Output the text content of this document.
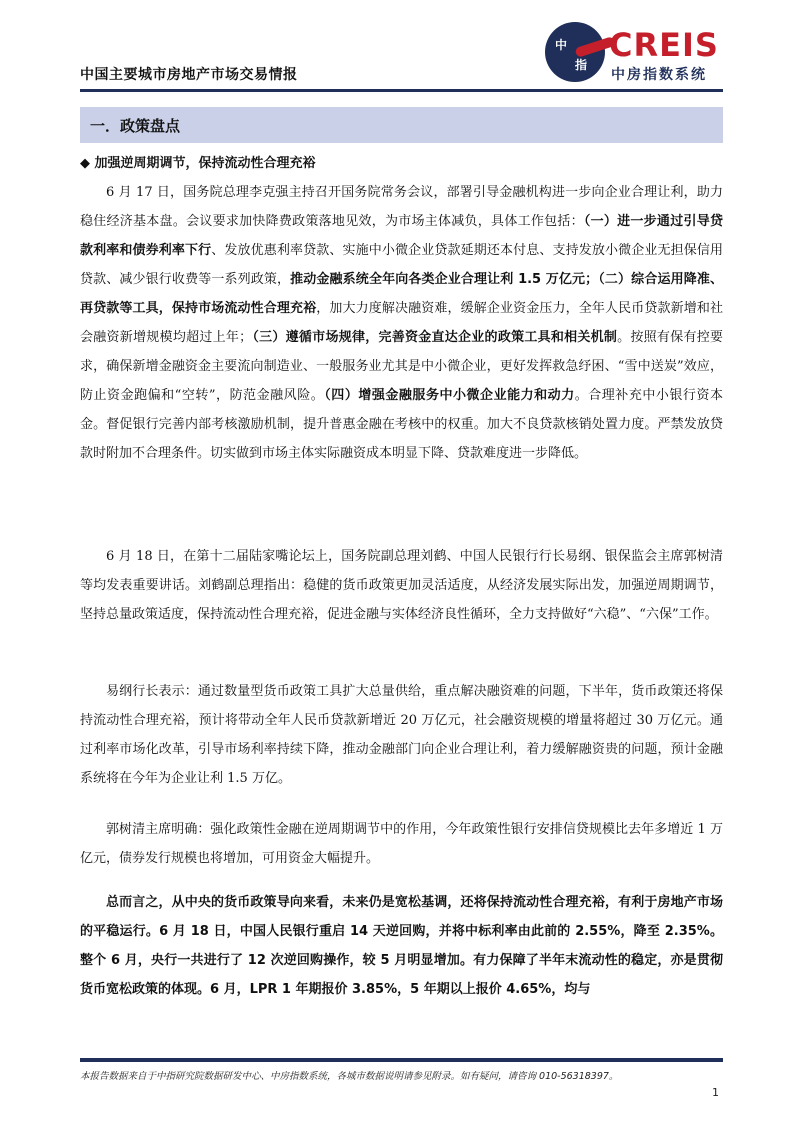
中国主要城市房地产市场交易情报
中
指
CREIS
中房指数系统
一．政策盘点
◆ 加强逆周期调节，保持流动性合理充裕
6 月 17 日，国务院总理李克强主持召开国务院常务会议，部署引导金融机构进一步向企业合理让利，助力稳住经济基本盘。会议要求加快降费政策落地见效，为市场主体减负，具体工作包括：（一）进一步通过引导贷款利率和债券利率下行、发放优惠利率贷款、实施中小微企业贷款延期还本付息、支持发放小微企业无担保信用贷款、减少银行收费等一系列政策，推动金融系统全年向各类企业合理让利 1.5 万亿元；（二）综合运用降准、再贷款等工具，保持市场流动性合理充裕，加大力度解决融资难，缓解企业资金压力，全年人民币贷款新增和社会融资新增规模均超过上年；（三）遵循市场规律，完善资金直达企业的政策工具和相关机制。按照有保有控要求，确保新增金融资金主要流向制造业、一般服务业尤其是中小微企业，更好发挥救急纾困、“雪中送炭”效应，防止资金跑偏和“空转”，防范金融风险。（四）增强金融服务中小微企业能力和动力。合理补充中小银行资本金。督促银行完善内部考核激励机制，提升普惠金融在考核中的权重。加大不良贷款核销处置力度。严禁发放贷款时附加不合理条件。切实做到市场主体实际融资成本明显下降、贷款难度进一步降低。
6 月 18 日，在第十二届陆家嘴论坛上，国务院副总理刘鹤、中国人民银行行长易纲、银保监会主席郭树清等均发表重要讲话。刘鹤副总理指出：稳健的货币政策更加灵活适度，从经济发展实际出发，加强逆周期调节，坚持总量政策适度，保持流动性合理充裕，促进金融与实体经济良性循环，全力支持做好“六稳”、“六保”工作。
易纲行长表示：通过数量型货币政策工具扩大总量供给，重点解决融资难的问题，下半年，货币政策还将保持流动性合理充裕，预计将带动全年人民币贷款新增近 20 万亿元，社会融资规模的增量将超过 30 万亿元。通过利率市场化改革，引导市场利率持续下降，推动金融部门向企业合理让利，着力缓解融资贵的问题，预计金融系统将在今年为企业让利 1.5 万亿。
郭树清主席明确：强化政策性金融在逆周期调节中的作用，今年政策性银行安排信贷规模比去年多增近 1 万亿元，债券发行规模也将增加，可用资金大幅提升。
总而言之，从中央的货币政策导向来看，未来仍是宽松基调，还将保持流动性合理充裕，有利于房地产市场的平稳运行。6 月 18 日，中国人民银行重启 14 天逆回购，并将中标利率由此前的 2.55%，降至 2.35%。整个 6 月，央行一共进行了 12 次逆回购操作，较 5 月明显增加。有力保障了半年末流动性的稳定，亦是贯彻货币宽松政策的体现。6 月，LPR 1 年期报价 3.85%，5 年期以上报价 4.65%，均与
本报告数据来自于中指研究院数据研发中心、中房指数系统，各城市数据说明请参见附录。如有疑问，请咨询 010-56318397。
1
